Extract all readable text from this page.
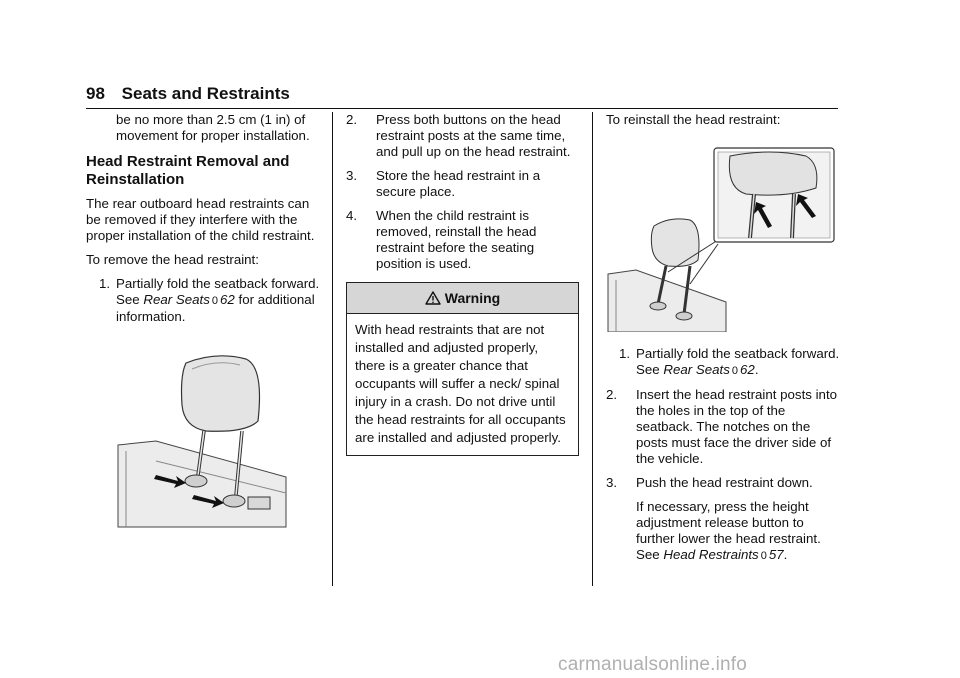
98 Seats and Restraints

be no more than 2.5 cm (1 in) of movement for proper installation.

Head Restraint Removal and Reinstallation

The rear outboard head restraints can be removed if they interfere with the proper installation of the child restraint.

To remove the head restraint:

1. Partially fold the seatback forward. See Rear Seats 0 62 for additional information.
2.	Press both buttons on the head restraint posts at the same time, and pull up on the head restraint.
3.	Store the head restraint in a secure place.
4.	When the child restraint is removed, reinstall the head restraint before the seating position is used.
Warning
With head restraints that are not installed and adjusted properly, there is a greater chance that occupants will suffer a neck/ spinal injury in a crash. Do not drive until the head restraints for all occupants are installed and adjusted properly.

To reinstall the head restraint:

1. Partially fold the seatback forward. See Rear Seats 0 62.
2.	Insert the head restraint posts into the holes in the top of the seatback. The notches on the posts must face the driver side of the vehicle.
3.	Push the head restraint down.

If necessary, press the height adjustment release button to further lower the head restraint. See Head Restraints 0 57.

carmanualsonline.info
